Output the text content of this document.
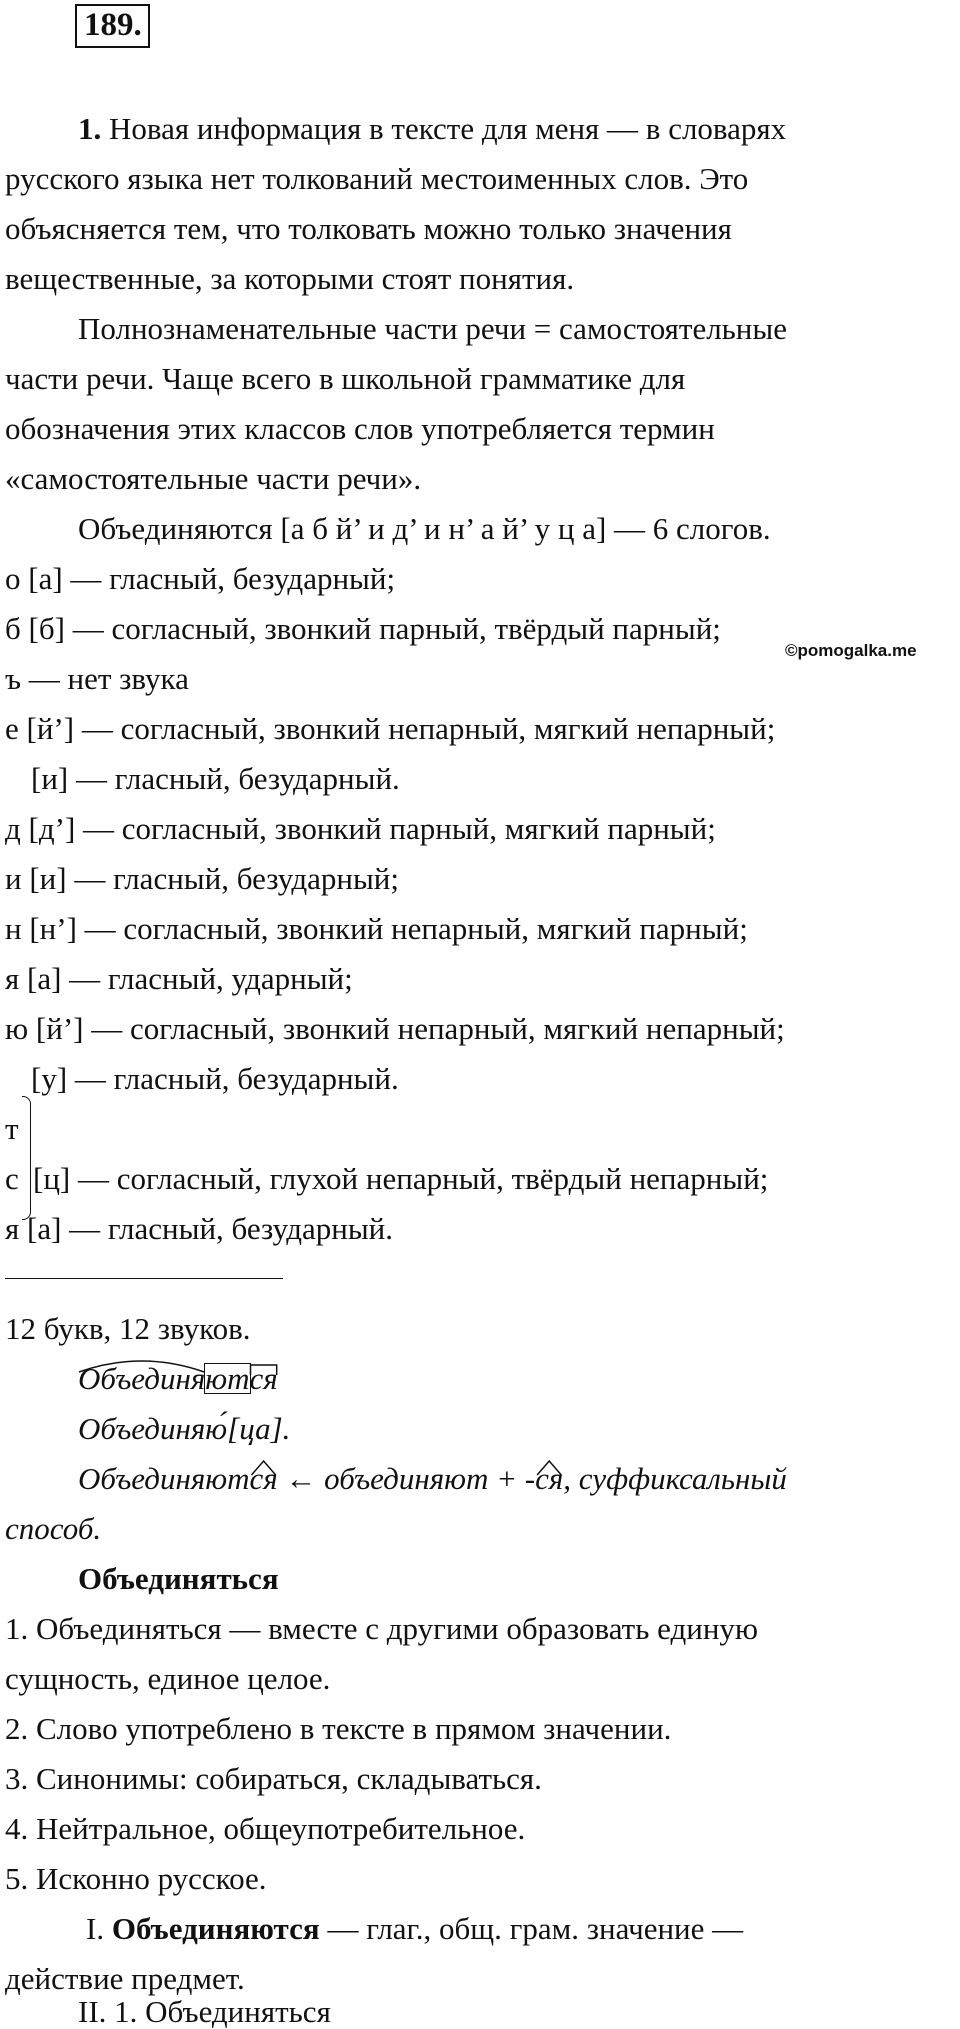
189.
1. Новая информация в тексте для меня — в словарях
русского языка нет толкований местоименных слов. Это
объясняется тем, что толковать можно только значения
вещественные, за которыми стоят понятия.
Полнознаменательные части речи = самостоятельные
части речи. Чаще всего в школьной грамматике для
обозначения этих классов слов употребляется термин
«самостоятельные части речи».
Объединяются [а б й’ и д’ и н’ а й’ у ц а] — 6 слогов.
о [а] — гласный, безударный;
б [б] — согласный, звонкий парный, твёрдый парный;
©pomogalka.me
ъ — нет звука
е [й’] — согласный, звонкий непарный, мягкий непарный;
[и] — гласный, безударный.
д [д’] — согласный, звонкий парный, мягкий парный;
и [и] — гласный, безударный;
н [н’] — согласный, звонкий непарный, мягкий парный;
я [а] — гласный, ударный;
ю [й’] — согласный, звонкий непарный, мягкий непарный;
[у] — гласный, безударный.
т
с [ц] — согласный, глухой непарный, твёрдый непарный;
я [а] — гласный, безударный.
12 букв, 12 звуков.
Объединяются
Объединяю[ца].
Объединяются ← объединяют + -ся, суффиксальный
способ.
Объединяться
1. Объединяться — вместе с другими образовать единую
сущность, единое целое.
2. Слово употреблено в тексте в прямом значении.
3. Синонимы: собираться, складываться.
4. Нейтральное, общеупотребительное.
5. Исконно русское.
I. Объединяются — глаг., общ. грам. значение —
действие предмет.
II. 1. Объединяться
